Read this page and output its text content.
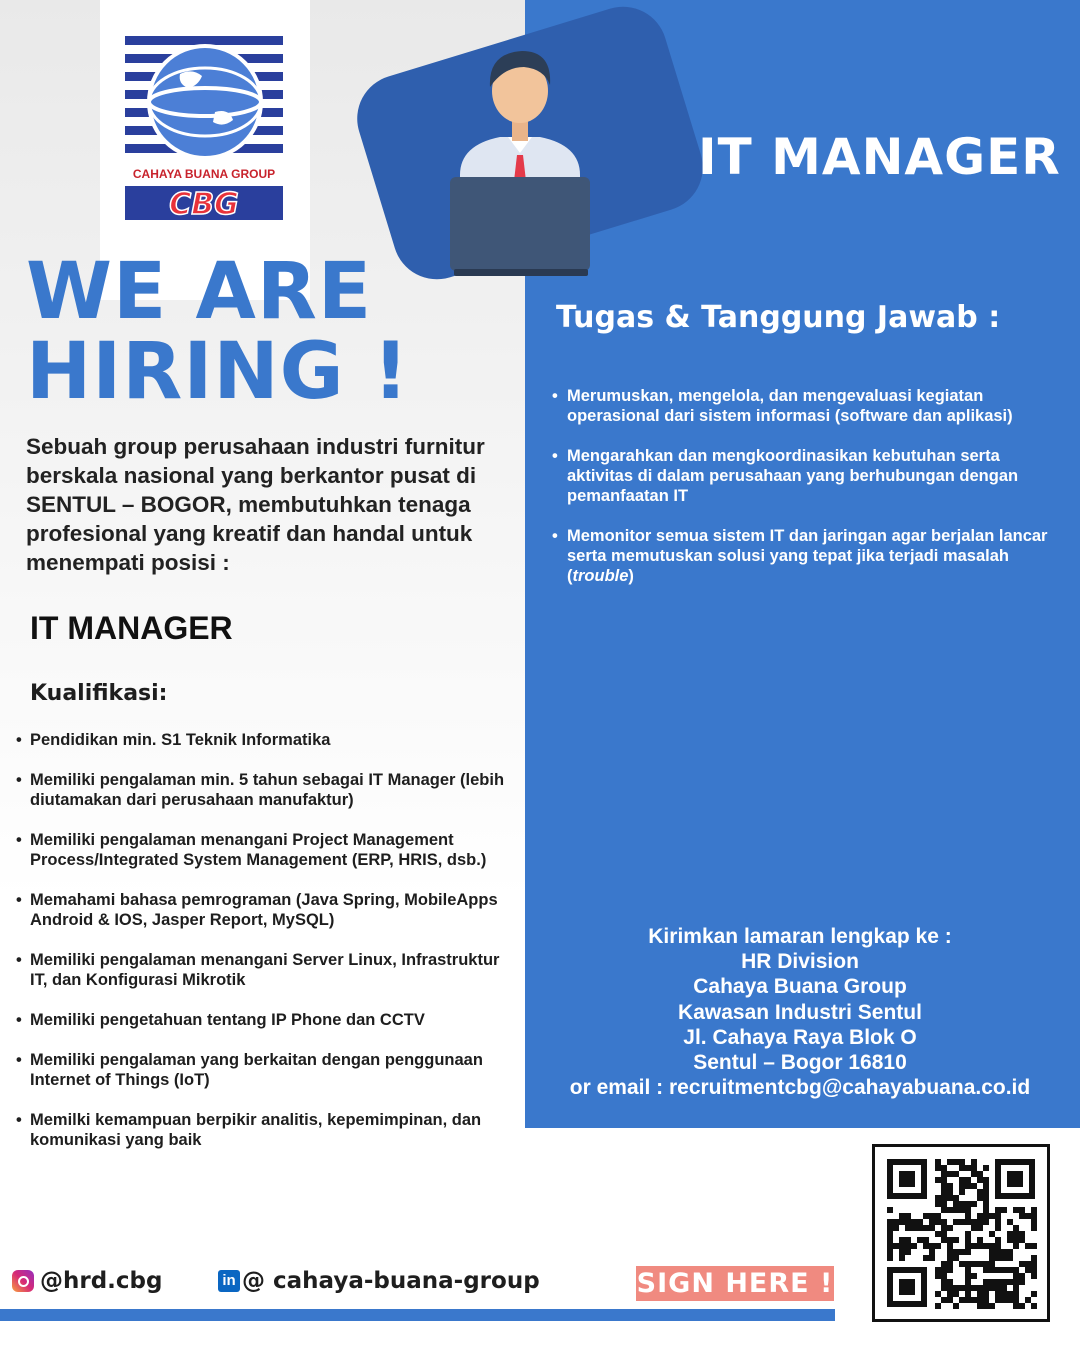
CAHAYA BUANA GROUP
CBG
WE ARE
HIRING !
Sebuah group perusahaan industri furnitur berskala nasional yang berkantor pusat di SENTUL – BOGOR, membutuhkan tenaga profesional yang kreatif dan handal untuk menempati posisi :
IT MANAGER
Kualifikasi:
• Pendidikan min. S1 Teknik Informatika
• Memiliki pengalaman min. 5 tahun sebagai IT Manager (lebih diutamakan dari perusahaan manufaktur)
• Memiliki pengalaman menangani Project Management Process/Integrated System Management (ERP, HRIS, dsb.)
• Memahami bahasa pemrograman (Java Spring, MobileApps Android & IOS, Jasper Report, MySQL)
• Memiliki pengalaman menangani Server Linux, Infrastruktur IT, dan Konfigurasi Mikrotik
• Memiliki pengetahuan tentang IP Phone dan CCTV
• Memiliki pengalaman yang berkaitan dengan penggunaan Internet of Things (IoT)
• Memilki kemampuan berpikir analitis, kepemimpinan, dan komunikasi yang baik
IT MANAGER
Tugas & Tanggung Jawab :
• Merumuskan, mengelola, dan mengevaluasi kegiatan operasional dari sistem informasi (software dan aplikasi)
• Mengarahkan dan mengkoordinasikan kebutuhan serta aktivitas di dalam perusahaan yang berhubungan dengan pemanfaatan IT
• Memonitor semua sistem IT dan jaringan agar berjalan lancar serta memutuskan solusi yang tepat jika terjadi masalah (trouble)
Kirimkan lamaran lengkap ke :
HR Division
Cahaya Buana Group
Kawasan Industri Sentul
Jl. Cahaya Raya Blok O
Sentul – Bogor 16810
or email : recruitmentcbg@cahayabuana.co.id
@hrd.cbg	in @ cahaya-buana-group	SIGN HERE !
